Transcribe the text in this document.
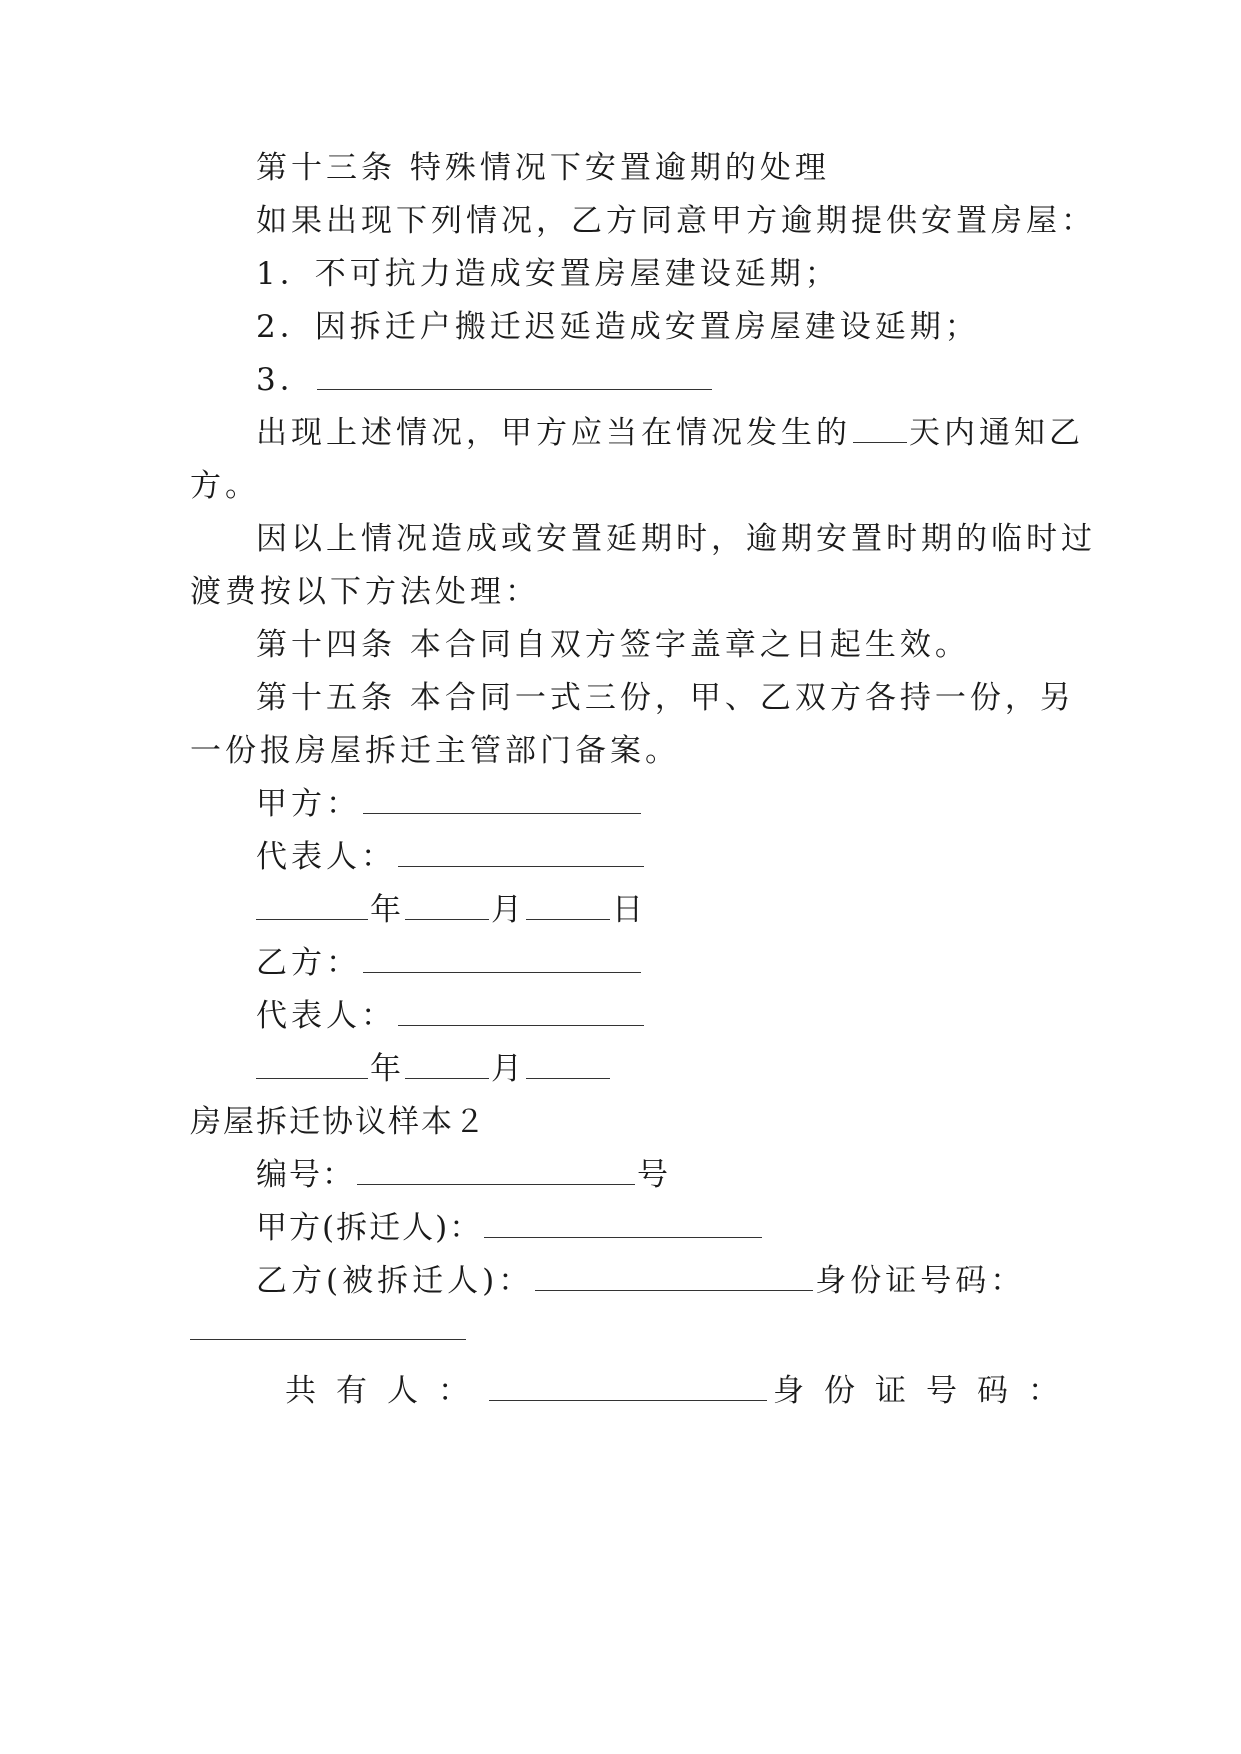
第十三条 特殊情况下安置逾期的处理
如果出现下列情况，乙方同意甲方逾期提供安置房屋：
1．不可抗力造成安置房屋建设延期；
2．因拆迁户搬迁迟延造成安置房屋建设延期；
3．
出现上述情况，甲方应当在情况发生的 天内通知乙
方。
因以上情况造成或安置延期时，逾期安置时期的临时过
渡费按以下方法处理：
第十四条 本合同自双方签字盖章之日起生效。
第十五条 本合同一式三份，甲、乙双方各持一份，另
一份报房屋拆迁主管部门备案。
甲方：
代表人：
年	月	日
乙方：
代表人：
年	月
房屋拆迁协议样本２
编号：	号
甲方(拆迁人)：
乙方(被拆迁人)：	身份证号码：
共有人：	身份证号码：
